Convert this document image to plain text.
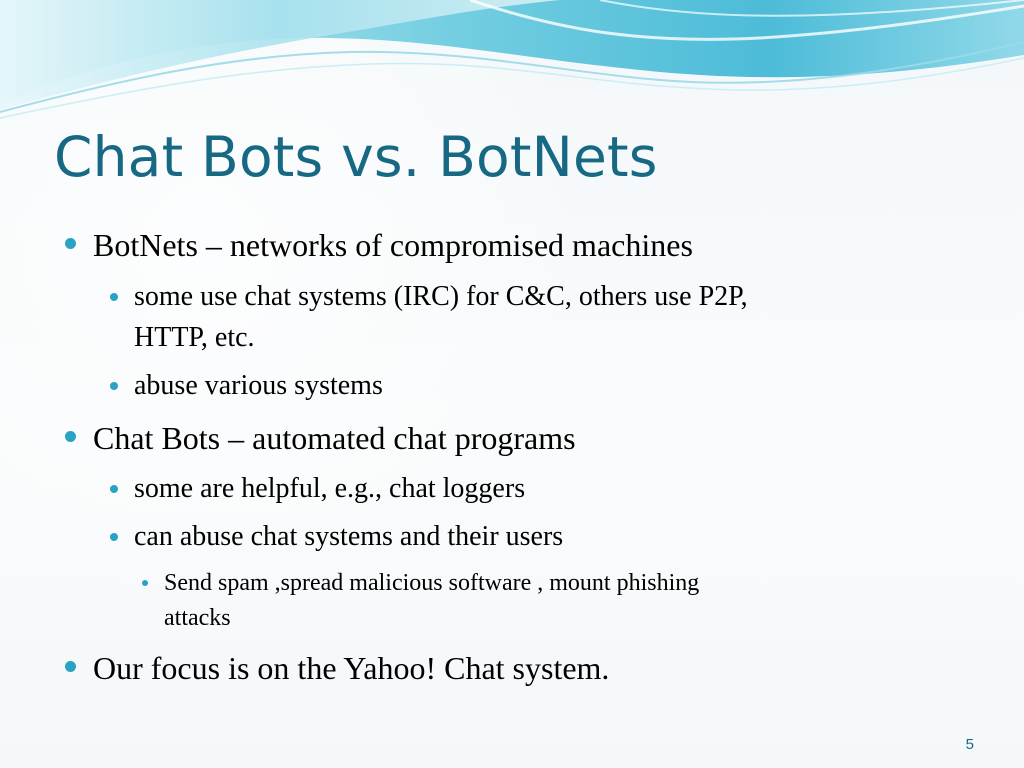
Chat Bots vs. BotNets
BotNets – networks of compromised machines
some use chat systems (IRC) for C&C, others use P2P,
HTTP, etc.
abuse various systems
Chat Bots – automated chat programs
some are helpful, e.g., chat loggers
can abuse chat systems and their users
Send spam ,spread malicious software , mount phishing
attacks
Our focus is on the Yahoo! Chat system.
5
